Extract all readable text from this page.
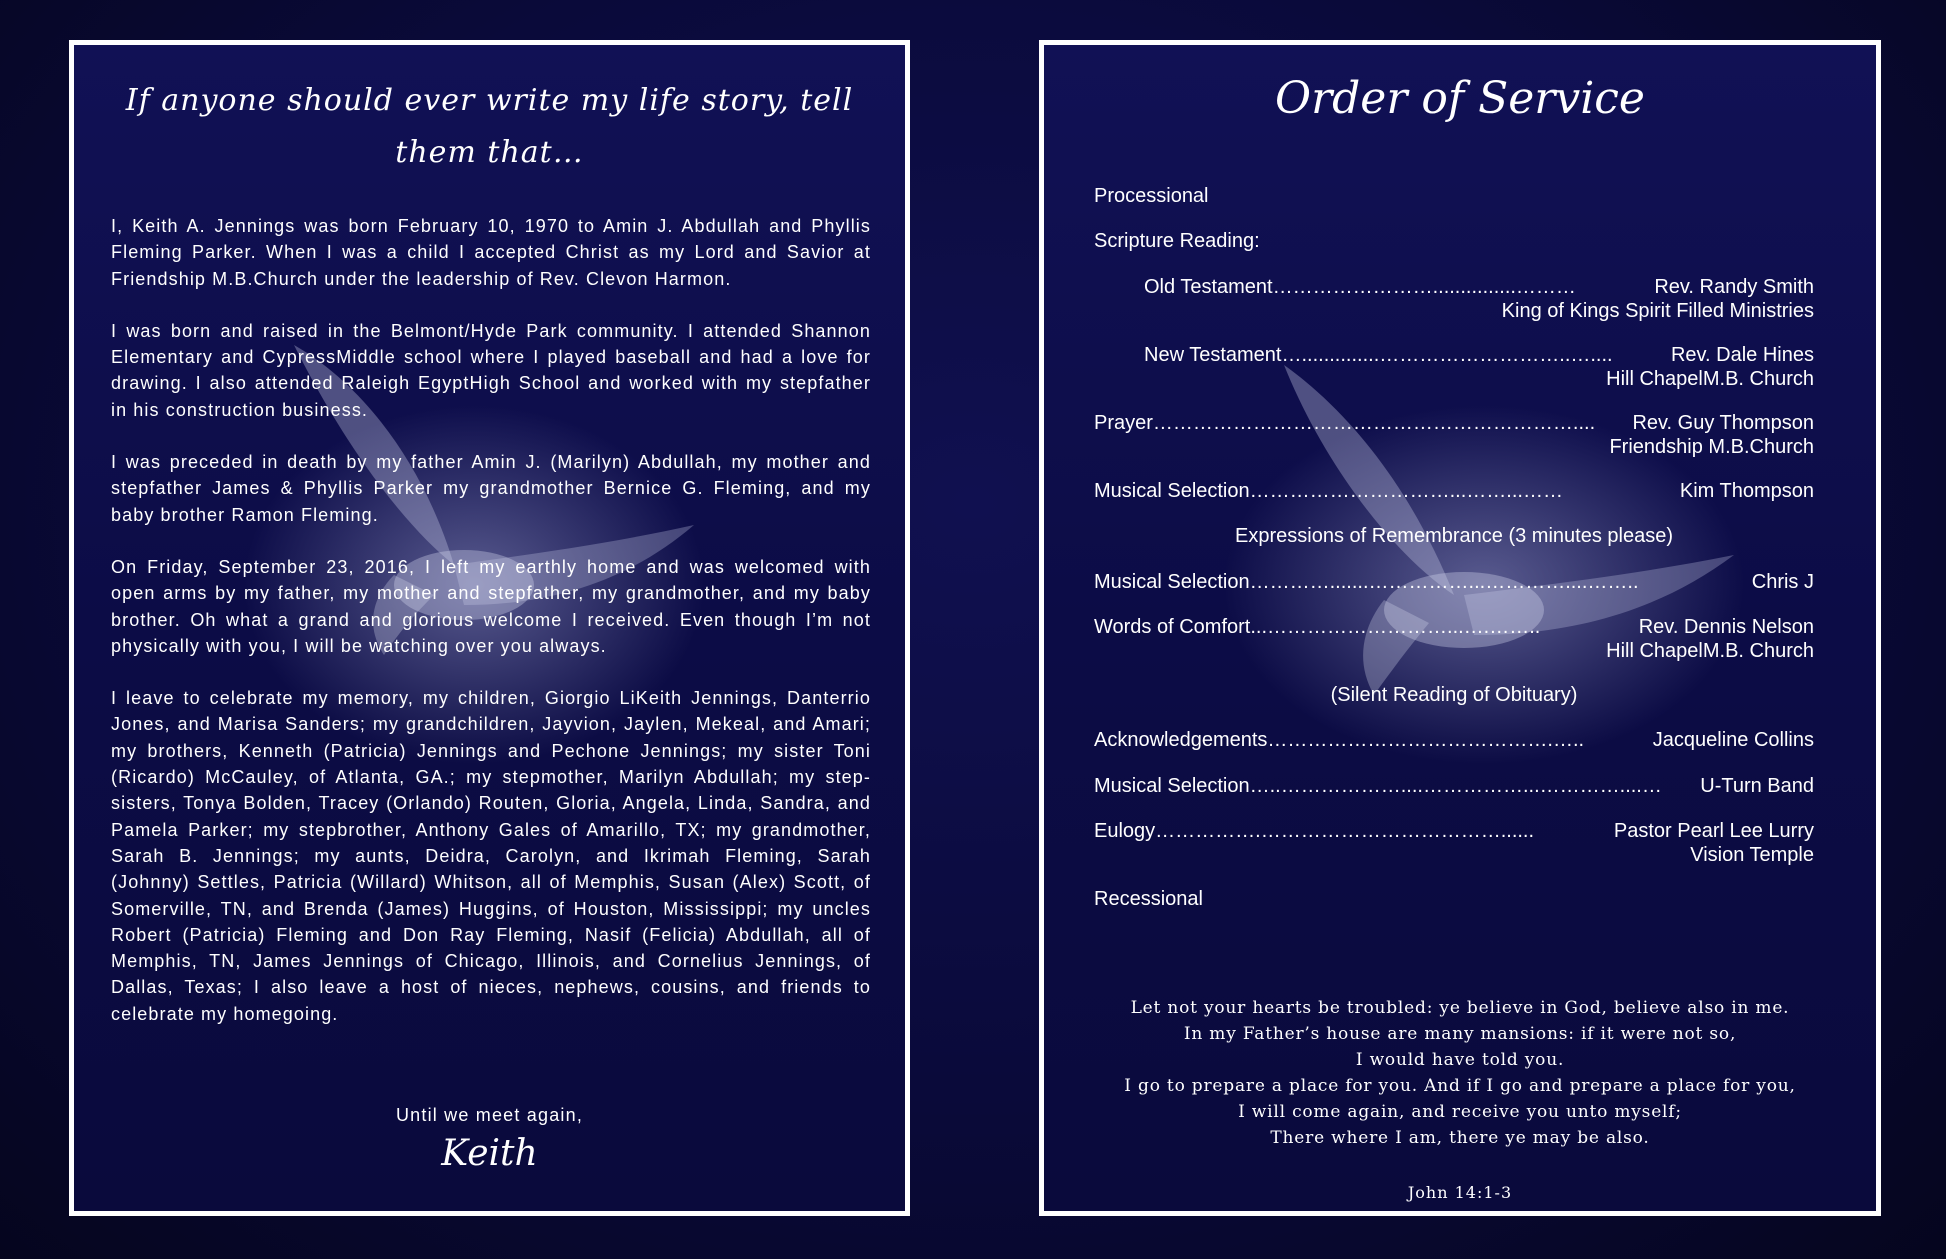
If anyone should ever write my life story, tell them that…

I, Keith A. Jennings was born February 10, 1970 to Amin J. Abdullah and Phyllis Fleming Parker. When I was a child I accepted Christ as my Lord and Savior at Friendship M.B.Church under the leadership of Rev. Clevon Harmon.

I was born and raised in the Belmont/Hyde Park community. I attended Shannon Elementary and CypressMiddle school where I played baseball and had a love for drawing. I also attended Raleigh EgyptHigh School and worked with my stepfather in his construction business.

I was preceded in death by my father Amin J. (Marilyn) Abdullah, my mother and stepfather James & Phyllis Parker my grandmother Bernice G. Fleming, and my baby brother Ramon Fleming.

On Friday, September 23, 2016, I left my earthly home and was welcomed with open arms by my father, my mother and stepfather, my grandmother, and my baby brother. Oh what a grand and glorious welcome I received. Even though I’m not physically with you, I will be watching over you always.

I leave to celebrate my memory, my children, Giorgio LiKeith Jennings, Danterrio Jones, and Marisa Sanders; my grandchildren, Jayvion, Jaylen, Mekeal, and Amari; my brothers, Kenneth (Patricia) Jennings and Pechone Jennings; my sister Toni (Ricardo) McCauley, of Atlanta, GA.; my stepmother, Marilyn Abdullah; my step-sisters, Tonya Bolden, Tracey (Orlando) Routen, Gloria, Angela, Linda, Sandra, and Pamela Parker; my stepbrother, Anthony Gales of Amarillo, TX; my grandmother, Sarah B. Jennings; my aunts, Deidra, Carolyn, and Ikrimah Fleming, Sarah (Johnny) Settles, Patricia (Willard) Whitson, all of Memphis, Susan (Alex) Scott, of Somerville, TN, and Brenda (James) Huggins, of Houston, Mississippi; my uncles Robert (Patricia) Fleming and Don Ray Fleming, Nasif (Felicia) Abdullah, all of Memphis, TN, James Jennings of Chicago, Illinois, and Cornelius Jennings, of Dallas, Texas; I also leave a host of nieces, nephews, cousins, and friends to celebrate my homegoing.

Until we meet again,
Keith
Order of Service
Processional
Scripture Reading:
Old Testament……………………...............………	Rev. Randy Smith
King of Kings Spirit Filled Ministries
New Testament…..............………………………..…....	Rev. Dale Hines
Hill ChapelM.B. Church
Prayer……………………………………………………….... Rev. Guy Thompson
Friendship M.B.Church
Musical Selection…………………………...……...……	Kim Thompson
Expressions of Remembrance (3 minutes please)
Musical Selection………….......……………...…………....……..	Chris J
Words of Comfort...………………………...….……..	Rev. Dennis Nelson
Hill ChapelM.B. Church
(Silent Reading of Obituary)
Acknowledgements…………………………………….…..	Jacqueline Collins
Musical Selection…..………………....……………...…………....… U-Turn Band
Eulogy…………….………………………………......	Pastor Pearl Lee Lurry
Vision Temple
Recessional
Let not your hearts be troubled: ye believe in God, believe also in me.
In my Father’s house are many mansions: if it were not so,
I would have told you.
I go to prepare a place for you. And if I go and prepare a place for you,
I will come again, and receive you unto myself;
There where I am, there ye may be also.
John 14:1-3
